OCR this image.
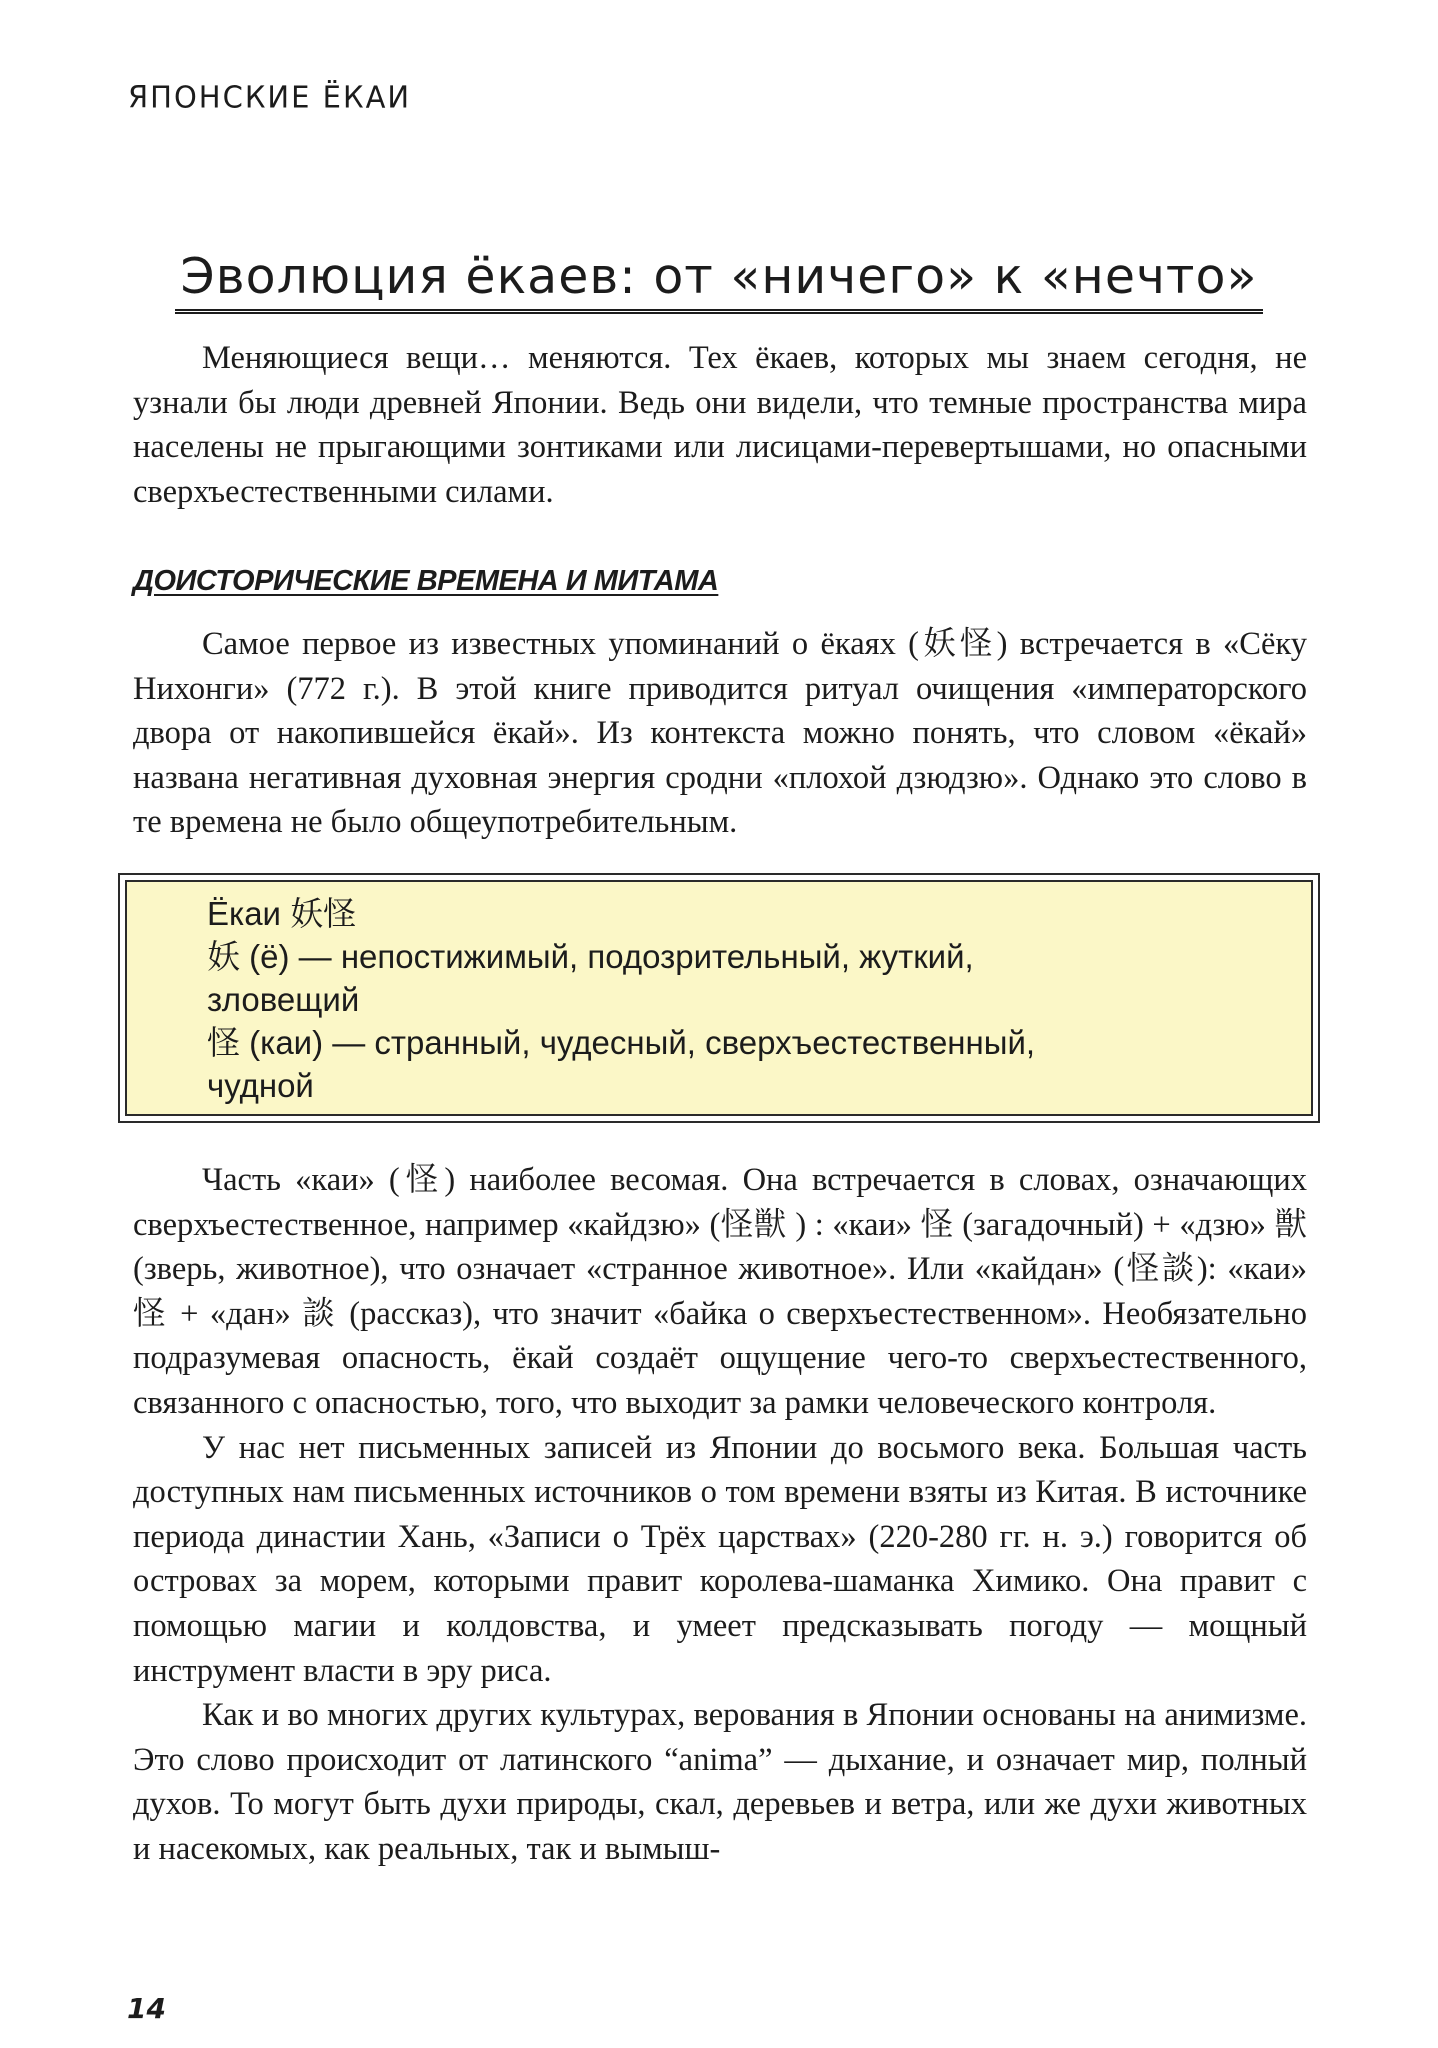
ЯПОНСКИЕ ЁКАИ
Эволюция ёкаев: от «ничего» к «нечто»

Меняющиеся вещи… меняются. Тех ёкаев, которых мы знаем сегодня, не узнали бы люди древней Японии. Ведь они видели, что темные пространства мира населены не прыгающими зонтиками или лисицами-перевертышами, но опасными сверхъестественными силами.

ДОИСТОРИЧЕСКИЕ ВРЕМЕНА И МИТАМА

Самое первое из известных упоминаний о ёкаях (妖怪) встречается в «Сёку Нихонги» (772 г.). В этой книге приводится ритуал очищения «императорского двора от накопившейся ёкай». Из контекста можно понять, что словом «ёкай» названа негативная духовная энергия сродни «плохой дзюдзю». Однако это слово в те времена не было общеупотребительным.

Ёкаи 妖怪
妖 (ё) — непостижимый, подозрительный, жуткий,
зловещий
怪 (каи) — странный, чудесный, сверхъестественный,
чудной

Часть «каи» (怪) наиболее весомая. Она встречается в словах, означающих сверхъестественное, например «кайдзю» (怪獣 ) : «каи» 怪 (загадочный) + «дзю» 獣 (зверь, животное), что означает «странное животное». Или «кайдан» (怪談): «каи» 怪 + «дан» 談 (рассказ), что значит «байка о сверхъестественном». Необязательно подразумевая опасность, ёкай создаёт ощущение чего-то сверхъестественного, связанного с опасностью, того, что выходит за рамки человеческого контроля.

У нас нет письменных записей из Японии до восьмого века. Большая часть доступных нам письменных источников о том времени взяты из Китая. В источнике периода династии Хань, «Записи о Трёх царствах» (220-280 гг. н. э.) говорится об островах за морем, которыми правит королева-шаманка Химико. Она правит с помощью магии и колдовства, и умеет предсказывать погоду — мощный инструмент власти в эру риса.

Как и во многих других культурах, верования в Японии основаны на анимизме. Это слово происходит от латинского “anima” — дыхание, и означает мир, полный духов. То могут быть духи природы, скал, деревьев и ветра, или же духи животных и насекомых, как реальных, так и вымыш-

14
